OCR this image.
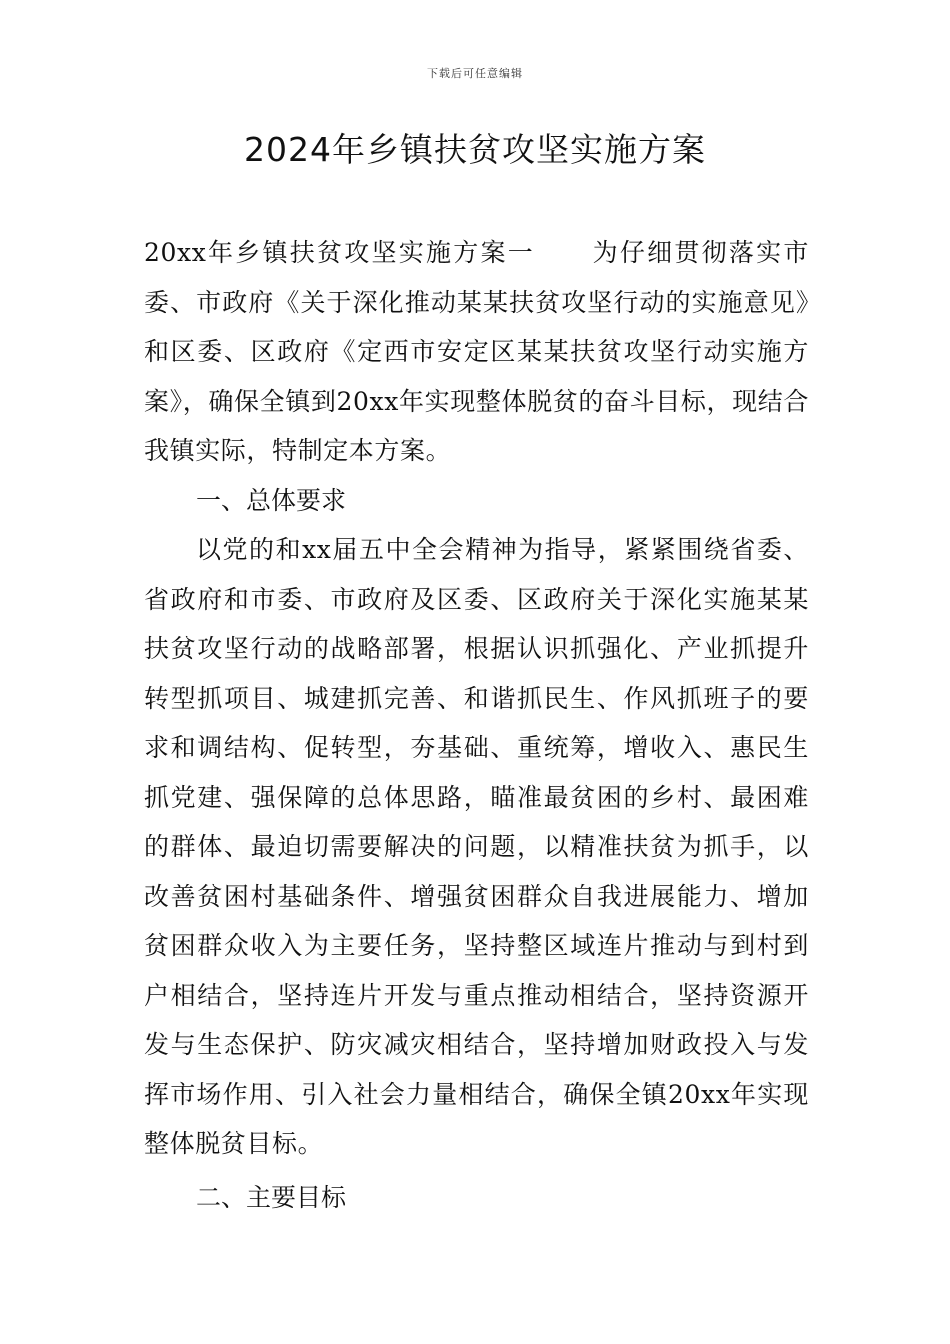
下载后可任意编辑
2024年乡镇扶贫攻坚实施方案

20xx年乡镇扶贫攻坚实施方案一 为仔细贯彻落实市委、市政府《关于深化推动某某扶贫攻坚行动的实施意见》和区委、区政府《定西市安定区某某扶贫攻坚行动实施方案》，确保全镇到20xx年实现整体脱贫的奋斗目标，现结合我镇实际，特制定本方案。

一、总体要求

以党的和xx届五中全会精神为指导，紧紧围绕省委、省政府和市委、市政府及区委、区政府关于深化实施某某扶贫攻坚行动的战略部署，根据认识抓强化、产业抓提升转型抓项目、城建抓完善、和谐抓民生、作风抓班子的要求和调结构、促转型，夯基础、重统筹，增收入、惠民生抓党建、强保障的总体思路，瞄准最贫困的乡村、最困难的群体、最迫切需要解决的问题，以精准扶贫为抓手，以改善贫困村基础条件、增强贫困群众自我进展能力、增加贫困群众收入为主要任务，坚持整区域连片推动与到村到户相结合，坚持连片开发与重点推动相结合，坚持资源开发与生态保护、防灾减灾相结合，坚持增加财政投入与发挥市场作用、引入社会力量相结合，确保全镇20xx年实现整体脱贫目标。

二、主要目标
